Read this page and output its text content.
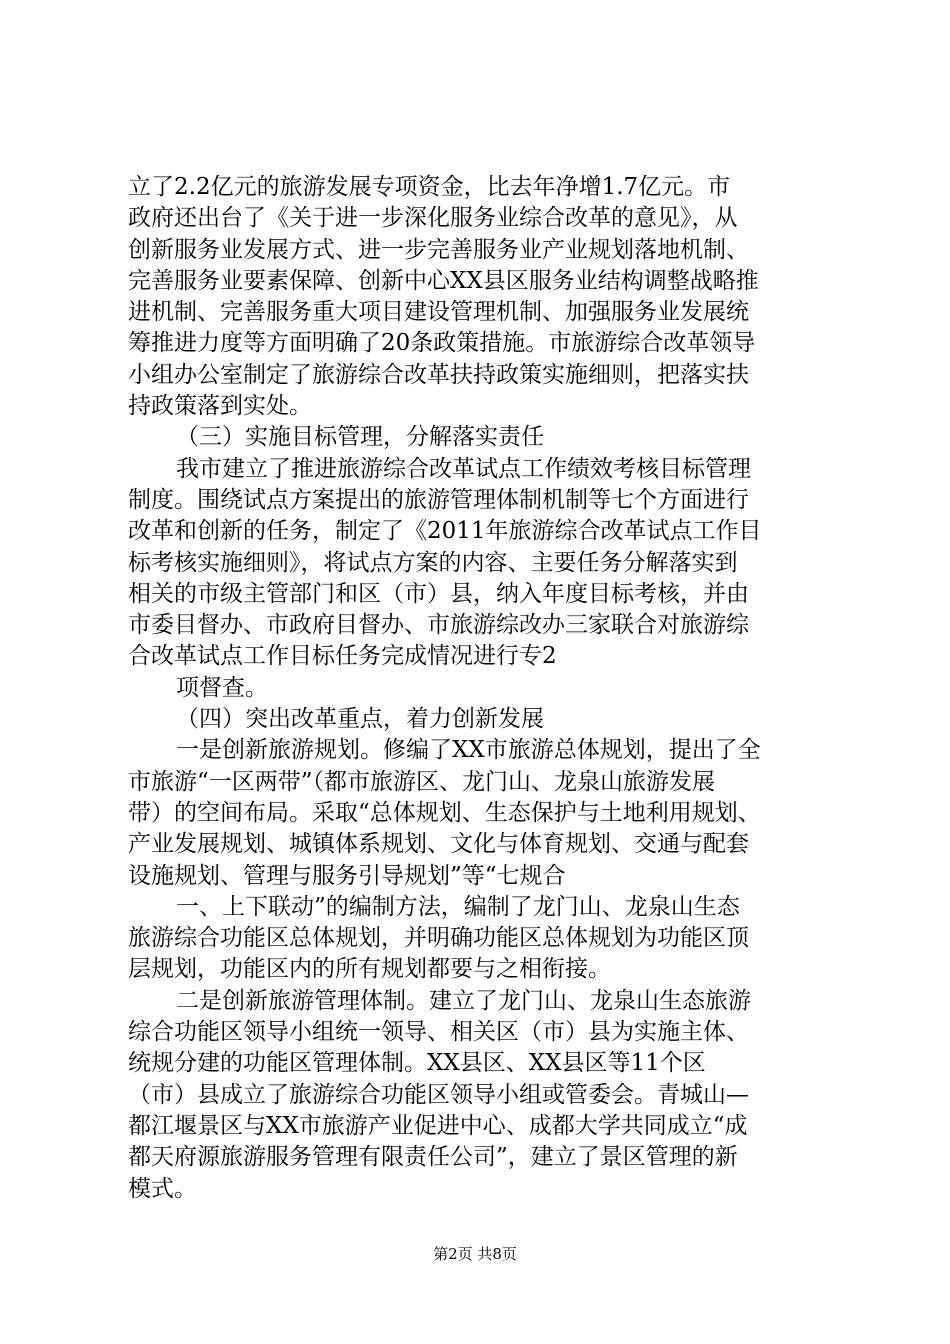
立了2.2亿元的旅游发展专项资金，比去年净增1.7亿元。市
政府还出台了《关于进一步深化服务业综合改革的意见》，从
创新服务业发展方式、进一步完善服务业产业规划落地机制、
完善服务业要素保障、创新中心XX县区服务业结构调整战略推
进机制、完善服务重大项目建设管理机制、加强服务业发展统
筹推进力度等方面明确了20条政策措施。市旅游综合改革领导
小组办公室制定了旅游综合改革扶持政策实施细则，把落实扶
持政策落到实处。
（三）实施目标管理，分解落实责任
我市建立了推进旅游综合改革试点工作绩效考核目标管理
制度。围绕试点方案提出的旅游管理体制机制等七个方面进行
改革和创新的任务，制定了《2011年旅游综合改革试点工作目
标考核实施细则》，将试点方案的内容、主要任务分解落实到
相关的市级主管部门和区（市）县，纳入年度目标考核，并由
市委目督办、市政府目督办、市旅游综改办三家联合对旅游综
合改革试点工作目标任务完成情况进行专2
项督查。
（四）突出改革重点，着力创新发展
一是创新旅游规划。修编了XX市旅游总体规划，提出了全
市旅游“一区两带”（都市旅游区、龙门山、龙泉山旅游发展
带）的空间布局。采取“总体规划、生态保护与土地利用规划、
产业发展规划、城镇体系规划、文化与体育规划、交通与配套
设施规划、管理与服务引导规划”等“七规合
一、上下联动”的编制方法，编制了龙门山、龙泉山生态
旅游综合功能区总体规划，并明确功能区总体规划为功能区顶
层规划，功能区内的所有规划都要与之相衔接。
二是创新旅游管理体制。建立了龙门山、龙泉山生态旅游
综合功能区领导小组统一领导、相关区（市）县为实施主体、
统规分建的功能区管理体制。XX县区、XX县区等11个区
（市）县成立了旅游综合功能区领导小组或管委会。青城山—
都江堰景区与XX市旅游产业促进中心、成都大学共同成立“成
都天府源旅游服务管理有限责任公司”，建立了景区管理的新
模式。
第2页 共8页
